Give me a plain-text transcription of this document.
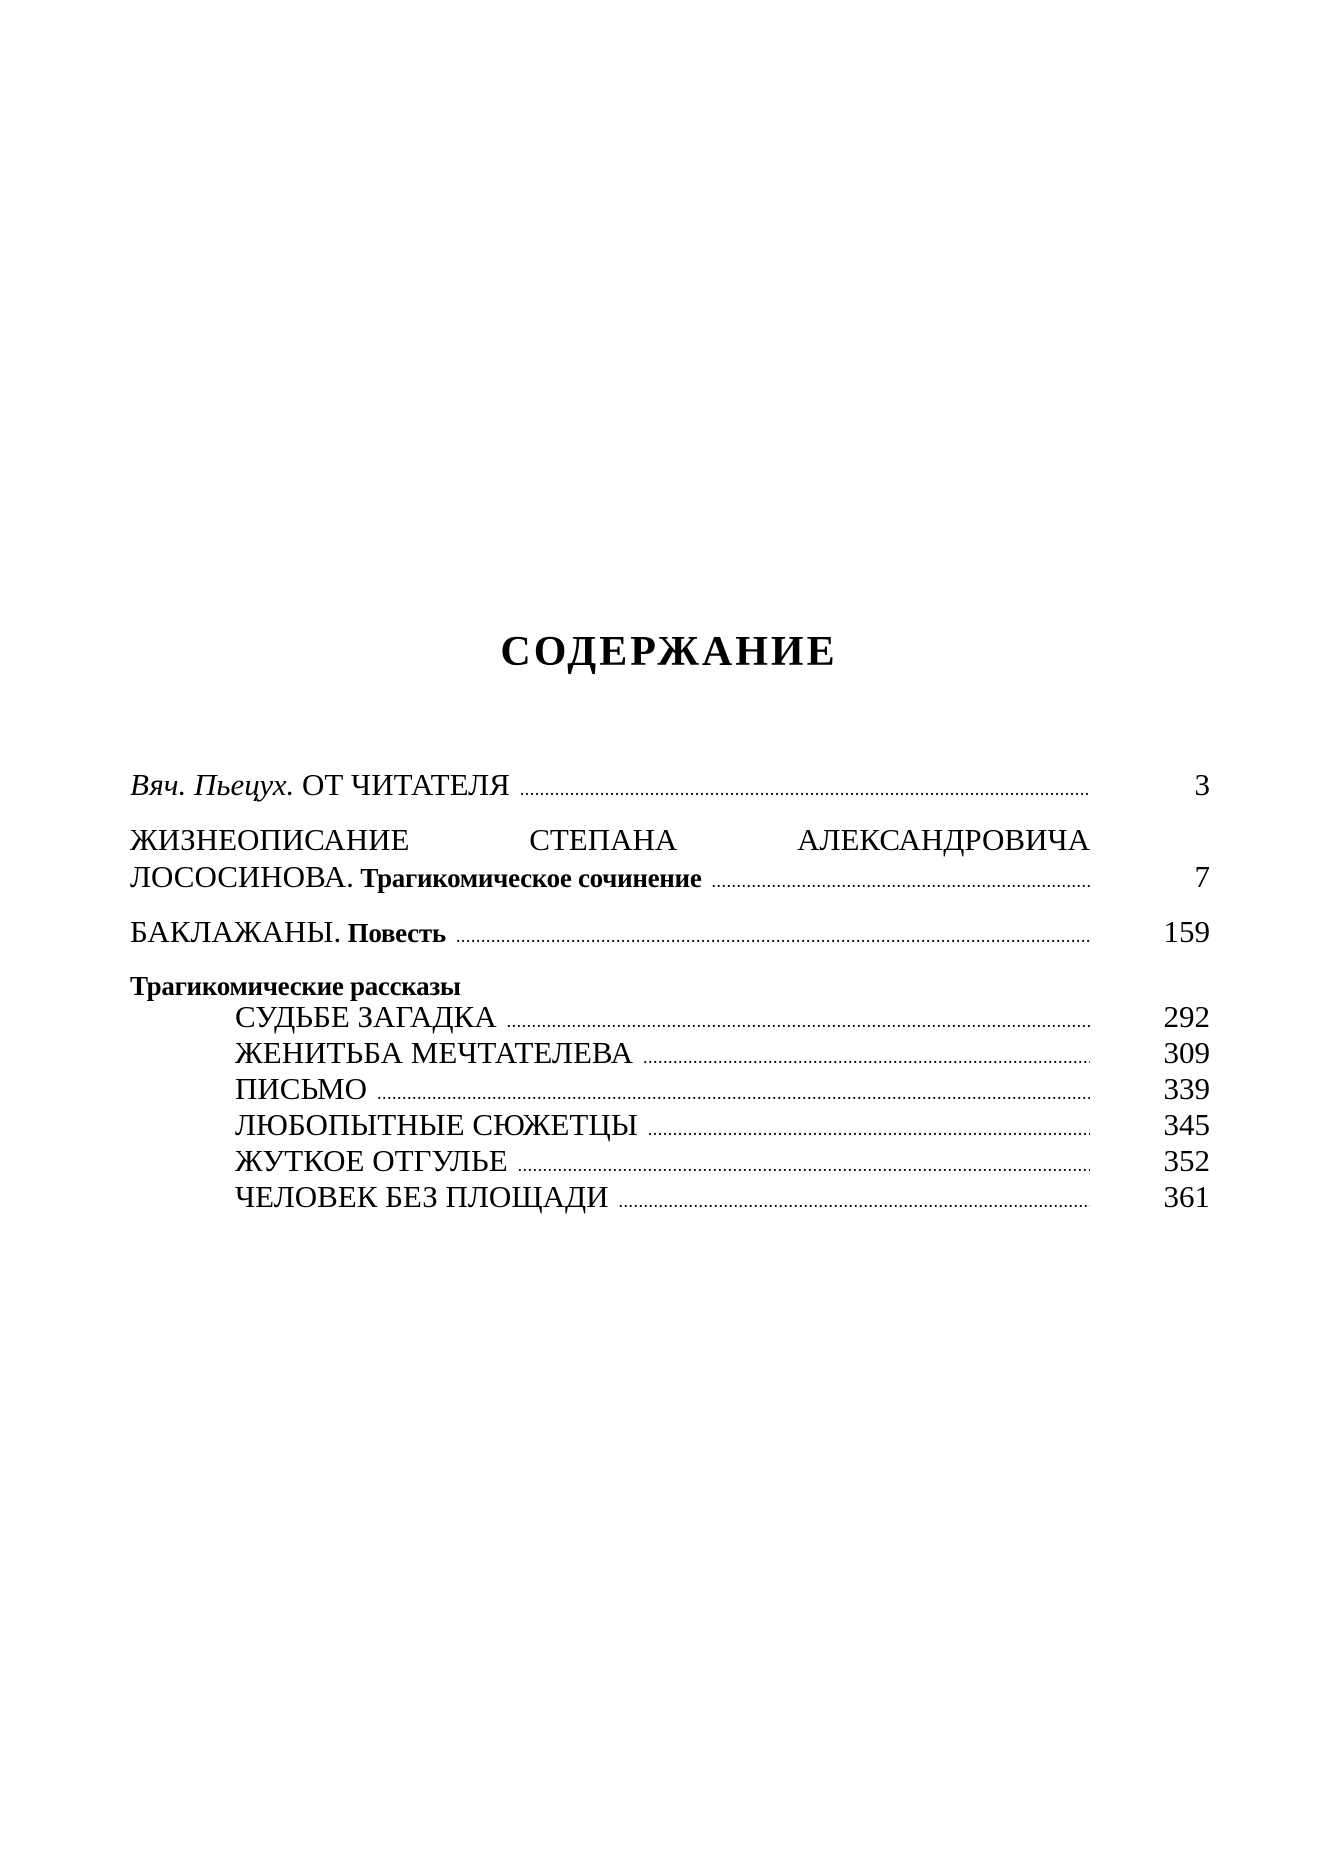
СОДЕРЖАНИЕ
Вяч. Пьецух. ОТ ЧИТАТЕЛЯ .....	3
ЖИЗНЕОПИСАНИЕ СТЕПАНА АЛЕКСАНДРОВИЧА
ЛОСОСИНОВА. Трагикомическое сочинение .....	7
БАКЛАЖАНЫ. Повесть .....	159
Трагикомические рассказы
СУДЬБЕ ЗАГАДКА .....	292
ЖЕНИТЬБА МЕЧТАТЕЛЕВА .....	309
ПИСЬМО .....	339
ЛЮБОПЫТНЫЕ СЮЖЕТЦЫ .....	345
ЖУТКОЕ ОТГУЛЬЕ .....	352
ЧЕЛОВЕК БЕЗ ПЛОЩАДИ .....	361
